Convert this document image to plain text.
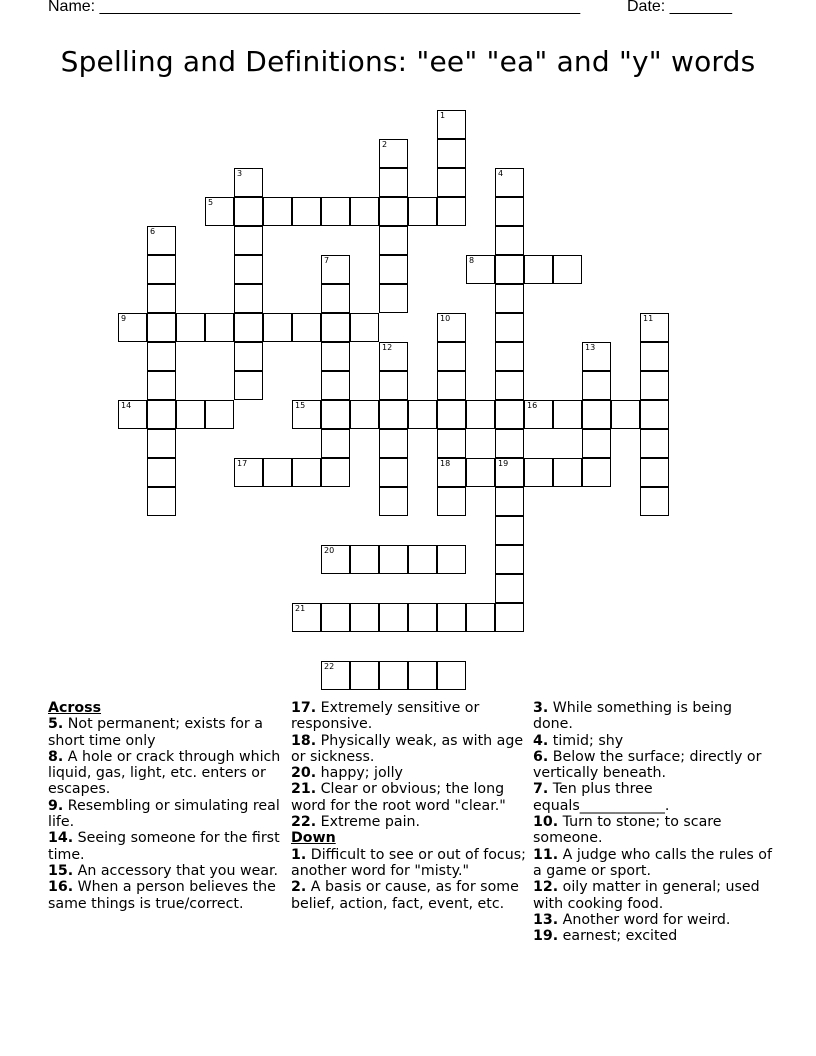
Name: ______________________________________________________	Date: _______
Spelling and Definitions: "ee" "ea" and "y" words
1
2
3	4
5
6
7	8
9	10
18
11
12	13
14	15	16
17	19
20
21
22

Across

5. Not permanent; exists for a short time only

8. A hole or crack through which liquid, gas, light, etc. enters or escapes.

9. Resembling or simulating real life.

14. Seeing someone for the first time.

15. An accessory that you wear.

16. When a person believes the same things is true/correct.

17. Extremely sensitive or responsive.

18. Physically weak, as with age or sickness.

20. happy; jolly

21. Clear or obvious; the long word for the root word "clear."

22. Extreme pain.

Down

1. Difficult to see or out of focus; another word for "misty."

2. A basis or cause, as for some belief, action, fact, event, etc.

3. While something is being done.

4. timid; shy

6. Below the surface; directly or vertically beneath.

7. Ten plus three equals____________.

10. Turn to stone; to scare someone.

11. A judge who calls the rules of a game or sport.

12. oily matter in general; used with cooking food.

13. Another word for weird.

19. earnest; excited
